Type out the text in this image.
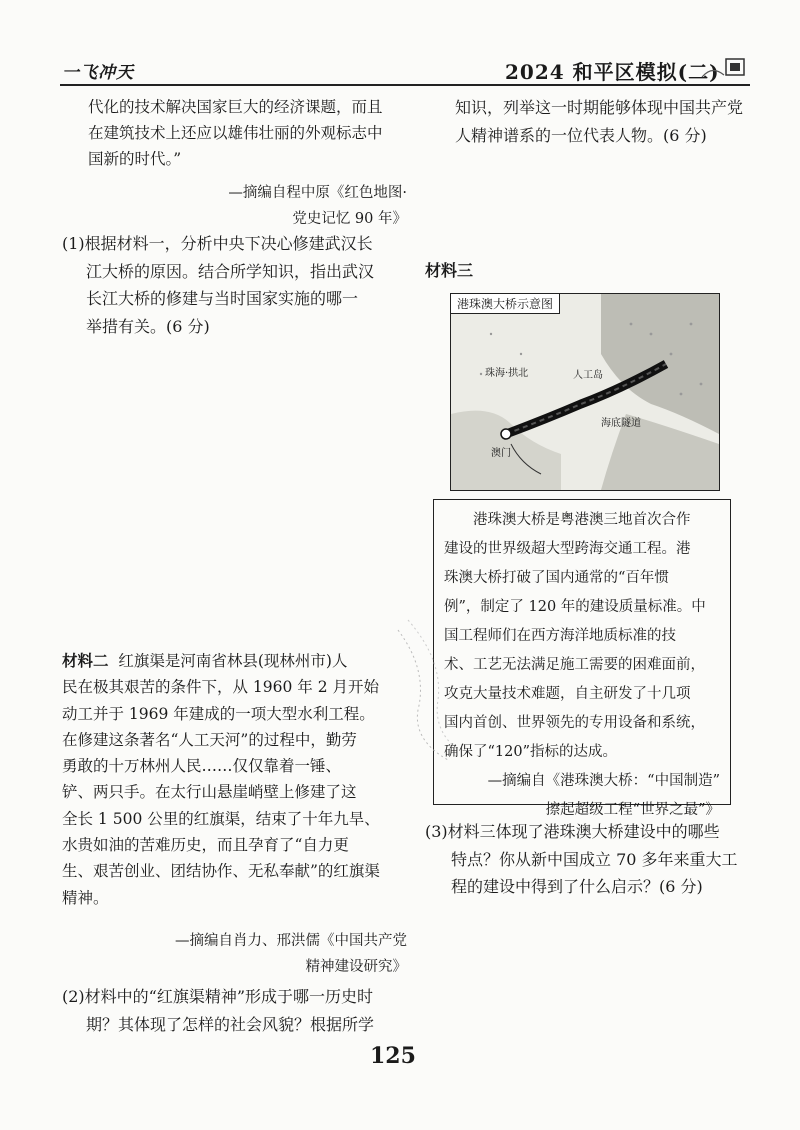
一飞冲天	2024 和平区模拟(二)

代化的技术解决国家巨大的经济课题，而且

在建筑技术上还应以雄伟壮丽的外观标志中

国新的时代。”

—摘编自程中原《红色地图·

党史记忆 90 年》

(1)根据材料一，分析中央下决心修建武汉长

江大桥的原因。结合所学知识，指出武汉

长江大桥的修建与当时国家实施的哪一

举措有关。(6 分)

材料二 红旗渠是河南省林县(现林州市)人

民在极其艰苦的条件下，从 1960 年 2 月开始

动工并于 1969 年建成的一项大型水利工程。

在修建这条著名“人工天河”的过程中，勤劳

勇敢的十万林州人民……仅仅靠着一锤、

铲、两只手。在太行山悬崖峭壁上修建了这

全长 1 500 公里的红旗渠，结束了十年九旱、

水贵如油的苦难历史，而且孕育了“自力更

生、艰苦创业、团结协作、无私奉献”的红旗渠

精神。

—摘编自肖力、邢洪儒《中国共产党

精神建设研究》

(2)材料中的“红旗渠精神”形成于哪一历史时

期？其体现了怎样的社会风貌？根据所学

知识，列举这一时期能够体现中国共产党

人精神谱系的一位代表人物。(6 分)

材料三
港珠澳大桥示意图
珠海·拱北	人工岛
海底隧道
澳门

港珠澳大桥是粤港澳三地首次合作

建设的世界级超大型跨海交通工程。港

珠澳大桥打破了国内通常的“百年惯

例”，制定了 120 年的建设质量标准。中

国工程师们在西方海洋地质标准的技

术、工艺无法满足施工需要的困难面前，

攻克大量技术难题，自主研发了十几项

国内首创、世界领先的专用设备和系统，

确保了“120”指标的达成。

—摘编自《港珠澳大桥：“中国制造”

擦起超级工程“世界之最”》

(3)材料三体现了港珠澳大桥建设中的哪些

特点？你从新中国成立 70 多年来重大工

程的建设中得到了什么启示？(6 分)

125
